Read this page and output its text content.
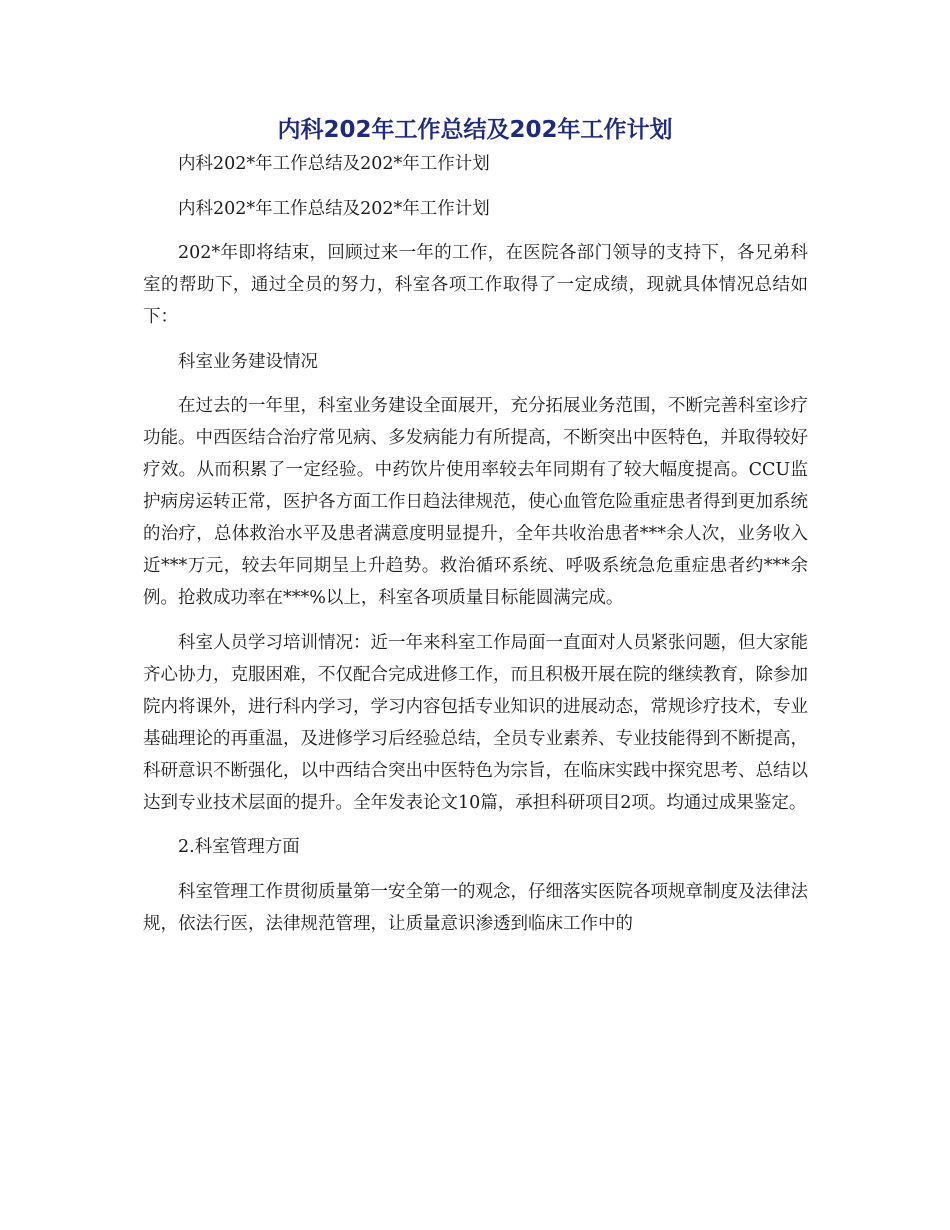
内科202年工作总结及202年工作计划

内科202*年工作总结及202*年工作计划

内科202*年工作总结及202*年工作计划

202*年即将结束，回顾过来一年的工作，在医院各部门领导的支持下，各兄弟科室的帮助下，通过全员的努力，科室各项工作取得了一定成绩，现就具体情况总结如下：

科室业务建设情况

在过去的一年里，科室业务建设全面展开，充分拓展业务范围，不断完善科室诊疗功能。中西医结合治疗常见病、多发病能力有所提高，不断突出中医特色，并取得较好疗效。从而积累了一定经验。中药饮片使用率较去年同期有了较大幅度提高。CCU监护病房运转正常，医护各方面工作日趋法律规范，使心血管危险重症患者得到更加系统的治疗，总体救治水平及患者满意度明显提升，全年共收治患者***余人次，业务收入近***万元，较去年同期呈上升趋势。救治循环系统、呼吸系统急危重症患者约***余例。抢救成功率在***%以上，科室各项质量目标能圆满完成。

科室人员学习培训情况：近一年来科室工作局面一直面对人员紧张问题，但大家能齐心协力，克服困难，不仅配合完成进修工作，而且积极开展在院的继续教育，除参加院内将课外，进行科内学习，学习内容包括专业知识的进展动态，常规诊疗技术，专业基础理论的再重温，及进修学习后经验总结，全员专业素养、专业技能得到不断提高，科研意识不断强化，以中西结合突出中医特色为宗旨，在临床实践中探究思考、总结以达到专业技术层面的提升。全年发表论文10篇，承担科研项目2项。均通过成果鉴定。

2.科室管理方面

科室管理工作贯彻质量第一安全第一的观念，仔细落实医院各项规章制度及法律法规，依法行医，法律规范管理，让质量意识渗透到临床工作中的
